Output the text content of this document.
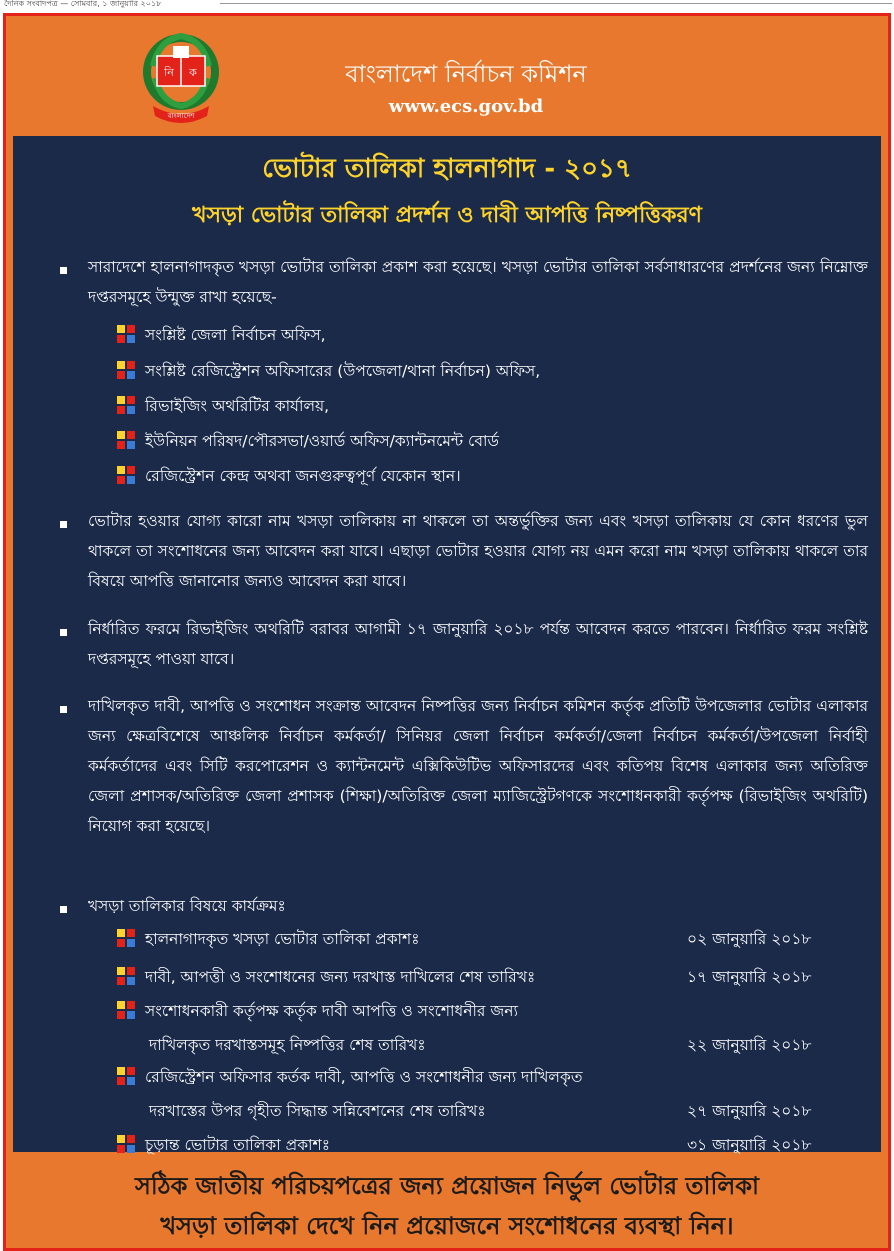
দৈনিক সংবাদপত্র — সোমবার, ১ জানুয়ারি ২০১৮
নি ক
বাংলাদেশ
বাংলাদেশ নির্বাচন কমিশন
www.ecs.gov.bd
ভোটার তালিকা হালনাগাদ - ২০১৭
খসড়া ভোটার তালিকা প্রদর্শন ও দাবী আপত্তি নিষ্পত্তিকরণ
সারাদেশে হালনাগাদকৃত খসড়া ভোটার তালিকা প্রকাশ করা হয়েছে। খসড়া ভোটার তালিকা সর্বসাধারণের প্রদর্শনের জন্য নিম্নোক্ত দপ্তরসমূহে উন্মুক্ত রাখা হয়েছে-
সংশ্লিষ্ট জেলা নির্বাচন অফিস,
সংশ্লিষ্ট রেজিস্ট্রেশন অফিসারের (উপজেলা/থানা নির্বাচন) অফিস,
রিভাইজিং অথরিটির কার্যালয়,
ইউনিয়ন পরিষদ/পৌরসভা/ওয়ার্ড অফিস/ক্যান্টনমেন্ট বোর্ড
রেজিস্ট্রেশন কেন্দ্র অথবা জনগুরুত্বপূর্ণ যেকোন স্থান।
ভোটার হওয়ার যোগ্য কারো নাম খসড়া তালিকায় না থাকলে তা অন্তর্ভুক্তির জন্য এবং খসড়া তালিকায় যে কোন ধরণের ভুল থাকলে তা সংশোধনের জন্য আবেদন করা যাবে। এছাড়া ভোটার হওয়ার যোগ্য নয় এমন করো নাম খসড়া তালিকায় থাকলে তার বিষয়ে আপত্তি জানানোর জন্যও আবেদন করা যাবে।
নির্ধারিত ফরমে রিভাইজিং অথরিটি বরাবর আগামী ১৭ জানুয়ারি ২০১৮ পর্যন্ত আবেদন করতে পারবেন। নির্ধারিত ফরম সংশ্লিষ্ট দপ্তরসমূহে পাওয়া যাবে।
দাখিলকৃত দাবী, আপত্তি ও সংশোধন সংক্রান্ত আবেদন নিষ্পত্তির জন্য নির্বাচন কমিশন কর্তৃক প্রতিটি উপজেলার ভোটার এলাকার জন্য ক্ষেত্রবিশেষে আঞ্চলিক নির্বাচন কর্মকর্তা/ সিনিয়র জেলা নির্বাচন কর্মকর্তা/জেলা নির্বাচন কর্মকর্তা/উপজেলা নির্বাহী কর্মকর্তাদের এবং সিটি করপোরেশন ও ক্যান্টনমেন্ট এক্সিকিউটিভ অফিসারদের এবং কতিপয় বিশেষ এলাকার জন্য অতিরিক্ত জেলা প্রশাসক/অতিরিক্ত জেলা প্রশাসক (শিক্ষা)/অতিরিক্ত জেলা ম্যাজিস্ট্রেটগণকে সংশোধনকারী কর্তৃপক্ষ (রিভাইজিং অথরিটি) নিয়োগ করা হয়েছে।
খসড়া তালিকার বিষয়ে কার্যক্রমঃ
হালনাগাদকৃত খসড়া ভোটার তালিকা প্রকাশঃ	০২ জানুয়ারি ২০১৮
দাবী, আপত্তী ও সংশোধনের জন্য দরখাস্ত দাখিলের শেষ তারিখঃ	১৭ জানুয়ারি ২০১৮
সংশোধনকারী কর্তৃপক্ষ কর্তৃক দাবী আপত্তি ও সংশোধনীর জন্য
দাখিলকৃত দরখাস্তসমূহ নিষ্পত্তির শেষ তারিখঃ	২২ জানুয়ারি ২০১৮
রেজিস্ট্রেশন অফিসার কর্তক দাবী, আপত্তি ও সংশোধনীর জন্য দাখিলকৃত
দরখাস্তের উপর গৃহীত সিদ্ধান্ত সন্নিবেশনের শেষ তারিখঃ	২৭ জানুয়ারি ২০১৮
চূড়ান্ত ভোটার তালিকা প্রকাশঃ	৩১ জানুয়ারি ২০১৮
সঠিক জাতীয় পরিচয়পত্রের জন্য প্রয়োজন নির্ভুল ভোটার তালিকা
খসড়া তালিকা দেখে নিন প্রয়োজনে সংশোধনের ব্যবস্থা নিন।
